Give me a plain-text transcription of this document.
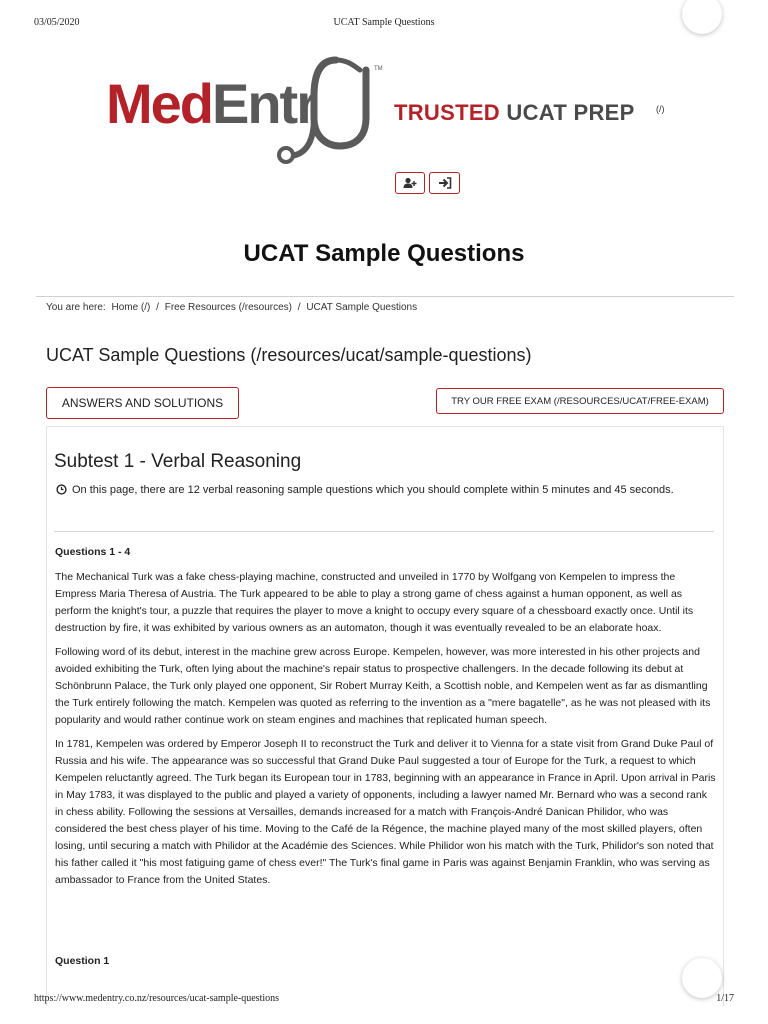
03/05/2020	UCAT Sample Questions
MedEntr
TM
TRUSTED UCAT PREP (/)
UCAT Sample Questions
You are here: Home (/) / Free Resources (/resources) / UCAT Sample Questions
UCAT Sample Questions (/resources/ucat/sample-questions)
ANSWERS AND SOLUTIONS	TRY OUR FREE EXAM (/RESOURCES/UCAT/FREE-EXAM)
Subtest 1 - Verbal Reasoning
On this page, there are 12 verbal reasoning sample questions which you should complete within 5 minutes and 45 seconds.
Questions 1 - 4

The Mechanical Turk was a fake chess-playing machine, constructed and unveiled in 1770 by Wolfgang von Kempelen to impress the Empress Maria Theresa of Austria. The Turk appeared to be able to play a strong game of chess against a human opponent, as well as perform the knight's tour, a puzzle that requires the player to move a knight to occupy every square of a chessboard exactly once. Until its destruction by fire, it was exhibited by various owners as an automaton, though it was eventually revealed to be an elaborate hoax.

Following word of its debut, interest in the machine grew across Europe. Kempelen, however, was more interested in his other projects and avoided exhibiting the Turk, often lying about the machine's repair status to prospective challengers. In the decade following its debut at Schönbrunn Palace, the Turk only played one opponent, Sir Robert Murray Keith, a Scottish noble, and Kempelen went as far as dismantling the Turk entirely following the match. Kempelen was quoted as referring to the invention as a "mere bagatelle", as he was not pleased with its popularity and would rather continue work on steam engines and machines that replicated human speech.

In 1781, Kempelen was ordered by Emperor Joseph II to reconstruct the Turk and deliver it to Vienna for a state visit from Grand Duke Paul of Russia and his wife. The appearance was so successful that Grand Duke Paul suggested a tour of Europe for the Turk, a request to which Kempelen reluctantly agreed. The Turk began its European tour in 1783, beginning with an appearance in France in April. Upon arrival in Paris in May 1783, it was displayed to the public and played a variety of opponents, including a lawyer named Mr. Bernard who was a second rank in chess ability. Following the sessions at Versailles, demands increased for a match with François-André Danican Philidor, who was considered the best chess player of his time. Moving to the Café de la Régence, the machine played many of the most skilled players, often losing, until securing a match with Philidor at the Académie des Sciences. While Philidor won his match with the Turk, Philidor's son noted that his father called it "his most fatiguing game of chess ever!" The Turk's final game in Paris was against Benjamin Franklin, who was serving as ambassador to France from the United States.

Question 1
https://www.medentry.co.nz/resources/ucat-sample-questions	1/17
